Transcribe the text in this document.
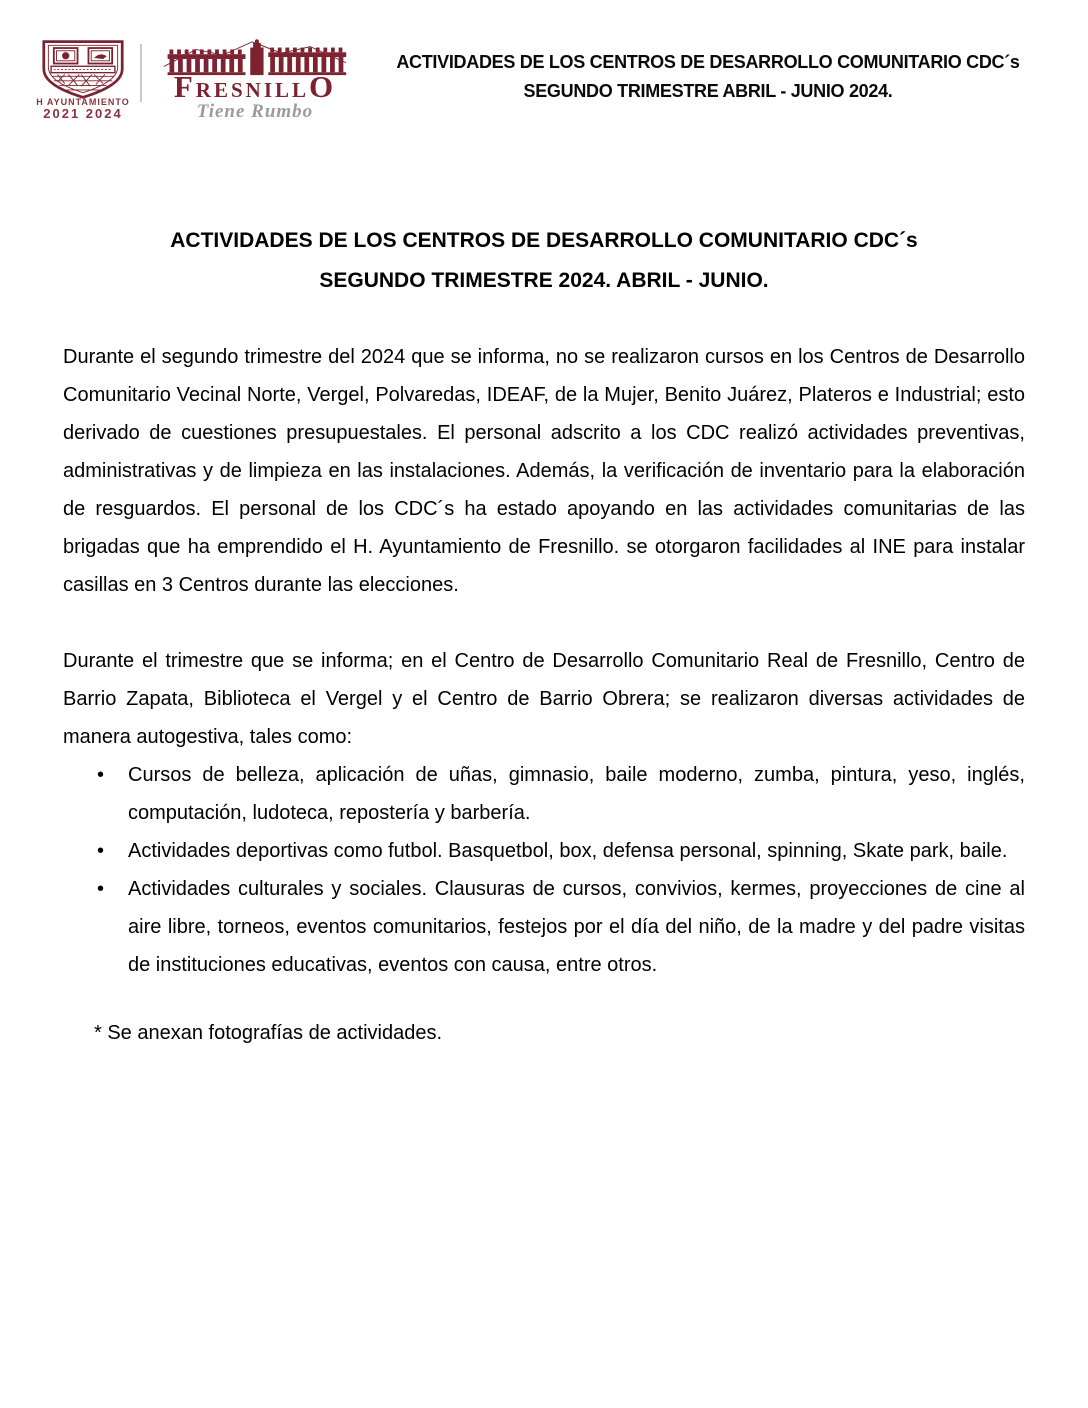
H AYUNTAMIENTO
2021 2024
FRESNILLO
Tiene Rumbo
ACTIVIDADES DE LOS CENTROS DE DESARROLLO COMUNITARIO CDC´s
SEGUNDO TRIMESTRE ABRIL - JUNIO 2024.
ACTIVIDADES DE LOS CENTROS DE DESARROLLO COMUNITARIO CDC´s
SEGUNDO TRIMESTRE 2024. ABRIL - JUNIO.

Durante el segundo trimestre del 2024 que se informa, no se realizaron cursos en los Centros de Desarrollo Comunitario Vecinal Norte, Vergel, Polvaredas, IDEAF, de la Mujer, Benito Juárez, Plateros e Industrial; esto derivado de cuestiones presupuestales. El personal adscrito a los CDC realizó actividades preventivas, administrativas y de limpieza en las instalaciones. Además, la verificación de inventario para la elaboración de resguardos. El personal de los CDC´s ha estado apoyando en las actividades comunitarias de las brigadas que ha emprendido el H. Ayuntamiento de Fresnillo. se otorgaron facilidades al INE para instalar casillas en 3 Centros durante las elecciones.

Durante el trimestre que se informa; en el Centro de Desarrollo Comunitario Real de Fresnillo, Centro de Barrio Zapata, Biblioteca el Vergel y el Centro de Barrio Obrera; se realizaron diversas actividades de manera autogestiva, tales como:

• Cursos de belleza, aplicación de uñas, gimnasio, baile moderno, zumba, pintura, yeso, inglés, computación, ludoteca, repostería y barbería.
• Actividades deportivas como futbol. Basquetbol, box, defensa personal, spinning, Skate park, baile.
• Actividades culturales y sociales. Clausuras de cursos, convivios, kermes, proyecciones de cine al aire libre, torneos, eventos comunitarios, festejos por el día del niño, de la madre y del padre visitas de instituciones educativas, eventos con causa, entre otros.

* Se anexan fotografías de actividades.
